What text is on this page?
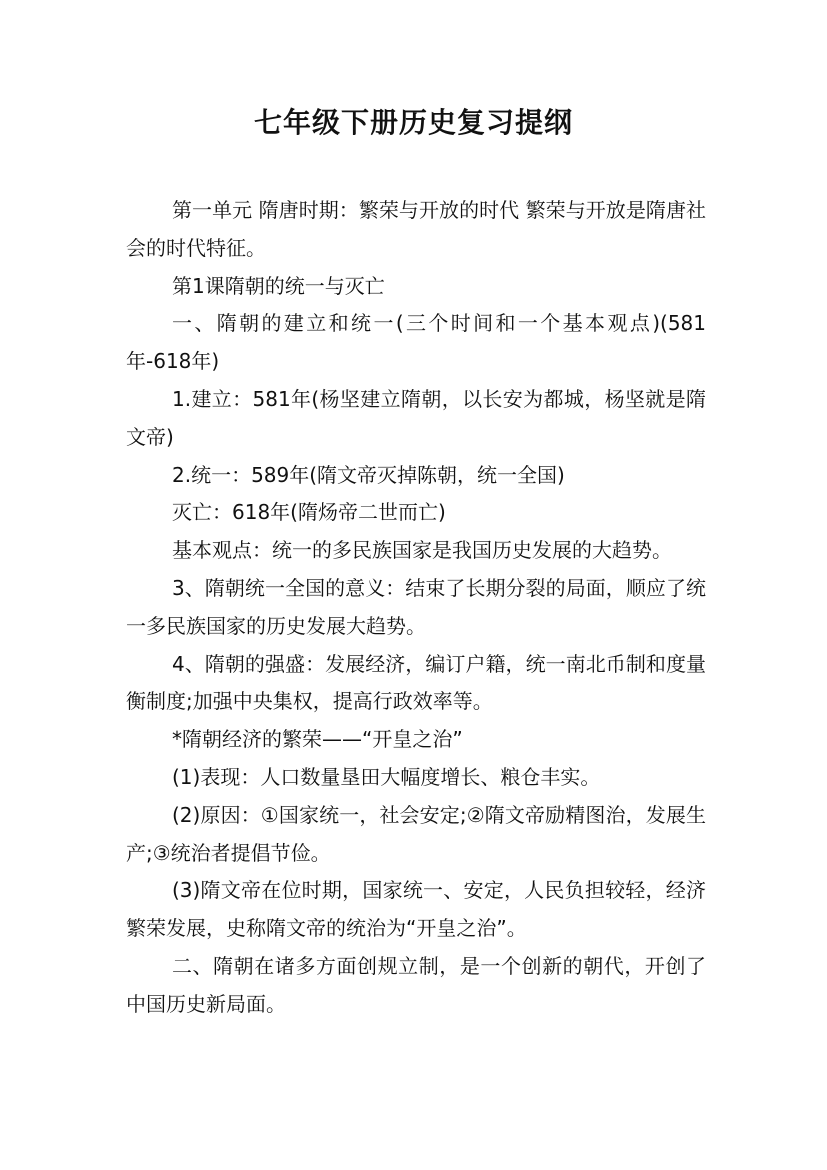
七年级下册历史复习提纲

第一单元 隋唐时期：繁荣与开放的时代 繁荣与开放是隋唐社会的时代特征。

第1课隋朝的统一与灭亡

一、隋朝的建立和统一(三个时间和一个基本观点)(581年-618年)

1.建立：581年(杨坚建立隋朝，以长安为都城，杨坚就是隋文帝)

2.统一：589年(隋文帝灭掉陈朝，统一全国)

灭亡：618年(隋炀帝二世而亡)

基本观点：统一的多民族国家是我国历史发展的大趋势。

3、隋朝统一全国的意义：结束了长期分裂的局面，顺应了统一多民族国家的历史发展大趋势。

4、隋朝的强盛：发展经济，编订户籍，统一南北币制和度量衡制度;加强中央集权，提高行政效率等。

*隋朝经济的繁荣——“开皇之治”

(1)表现：人口数量垦田大幅度增长、粮仓丰实。

(2)原因：①国家统一，社会安定;②隋文帝励精图治，发展生产;③统治者提倡节俭。

(3)隋文帝在位时期，国家统一、安定，人民负担较轻，经济繁荣发展，史称隋文帝的统治为“开皇之治”。

二、隋朝在诸多方面创规立制，是一个创新的朝代，开创了中国历史新局面。
